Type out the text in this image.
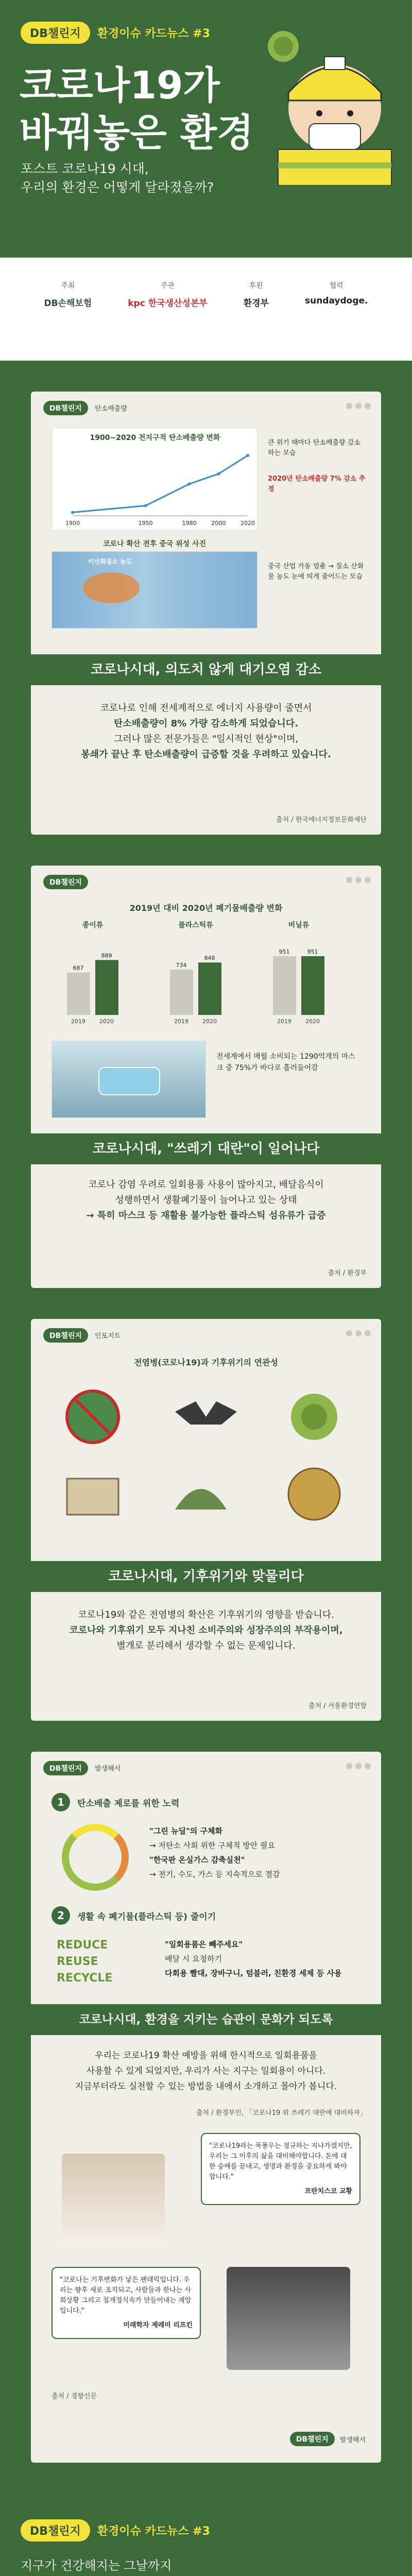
DB챌린지	환경이슈 카드뉴스 #3
코로나19가
바꿔놓은 환경
포스트 코로나19 시대,
우리의 환경은 어떻게 달라졌을까?
주최
DB손해보험
주관
kpc 한국생산성본부
후원
환경부
협력
sundaydoge.
DB챌린지	탄소배출량
1900~2020 전지구적 탄소배출량 변화
1900	1950	1980	2000	2020
큰 위기 때마다 탄소배출량 감소하는 모습
2020년 탄소배출량 7% 감소 추정
코로나 확산 전후 중국 위성 사진
이산화질소 농도
중국 산업 가동 멈춤 → 질소 산화물 농도 눈에 띄게 줄어드는 모습
코로나시대, 의도치 않게 대기오염 감소
코로나로 인해 전세계적으로 에너지 사용량이 줄면서
탄소배출량이 8% 가량 감소하게 되었습니다.
그러나 많은 전문가들은 "일시적인 현상"이며,
봉쇄가 끝난 후 탄소배출량이 급증할 것을 우려하고 있습니다.
출처 / 한국에너지정보문화재단
DB챌린지
2019년 대비 2020년 폐기물배출량 변화
종이류
687
2019
889
2020
플라스틱류
734
2019
848
2020
비닐류
951
2019
951
2020
전세계에서 매월 소비되는 1290억개의 마스크 중 75%가 바다로 흘러들어감
코로나시대, "쓰레기 대란"이 일어나다
코로나 감염 우려로 일회용품 사용이 많아지고, 배달음식이
성행하면서 생활폐기물이 늘어나고 있는 상태
→ 특히 마스크 등 재활용 불가능한 플라스틱 섬유류가 급증
출처 / 환경부
DB챌린지	인포지트
전염병(코로나19)과 기후위기의 연관성
코로나시대, 기후위기와 맞물리다
코로나19와 같은 전염병의 확산은 기후위기의 영향을 받습니다.
코로나와 기후위기 모두 지나친 소비주의와 성장주의의 부작용이며,
별개로 분리해서 생각할 수 없는 문제입니다.
출처 / 서울환경연합
DB챌린지	발생해서
1	탄소배출 제로를 위한 노력
"그린 뉴딜"의 구체화
→ 저탄소 사회 위한 구체적 방안 필요
"한국판 온실가스 감축실천"
→ 전기, 수도, 가스 등 지속적으로 절감
2	생활 속 폐기물(플라스틱 등) 줄이기
REDUCE
REUSE
RECYCLE
"일회용품은 빼주세요"
배달 시 요청하기
다회용 빨대, 장바구니, 텀블러, 친환경 세제 등 사용
코로나시대, 환경을 지키는 습관이 문화가 되도록
우리는 코로나19 확산 예방을 위해 한시적으로 일회용품을
사용할 수 있게 되었지만, 우리가 사는 지구는 일회용이 아니다.
지금부터라도 실천할 수 있는 방법을 내에서 소개하고 몰아가 봅니다.
출처 / 환경부인, 「코로나19 위 쓰레기 대란에 대비하자」
"코로나19라는 폭풍우는 정규하는 지나가겠지만, 우리는 그 이후의 삶을 대비해야합니다. 돈에 대한 숭배를 끝내고, 생명과 환경을 중요하게 봐야 합니다."
프란치스코 교황
"코로나는 기후변화가 낳은 팬데믹입니다. 우리는 향후 새로 조직되고, 사람들과 한나는 사회상황 그리고 침개정식속가 만들어내는 재앙입니다."
미래학자 제레미 리프킨
출처 / 경향신문
DB챌린지	발생해서
DB챌린지	환경이슈 카드뉴스 #3
지구가 건강해지는 그날까지
